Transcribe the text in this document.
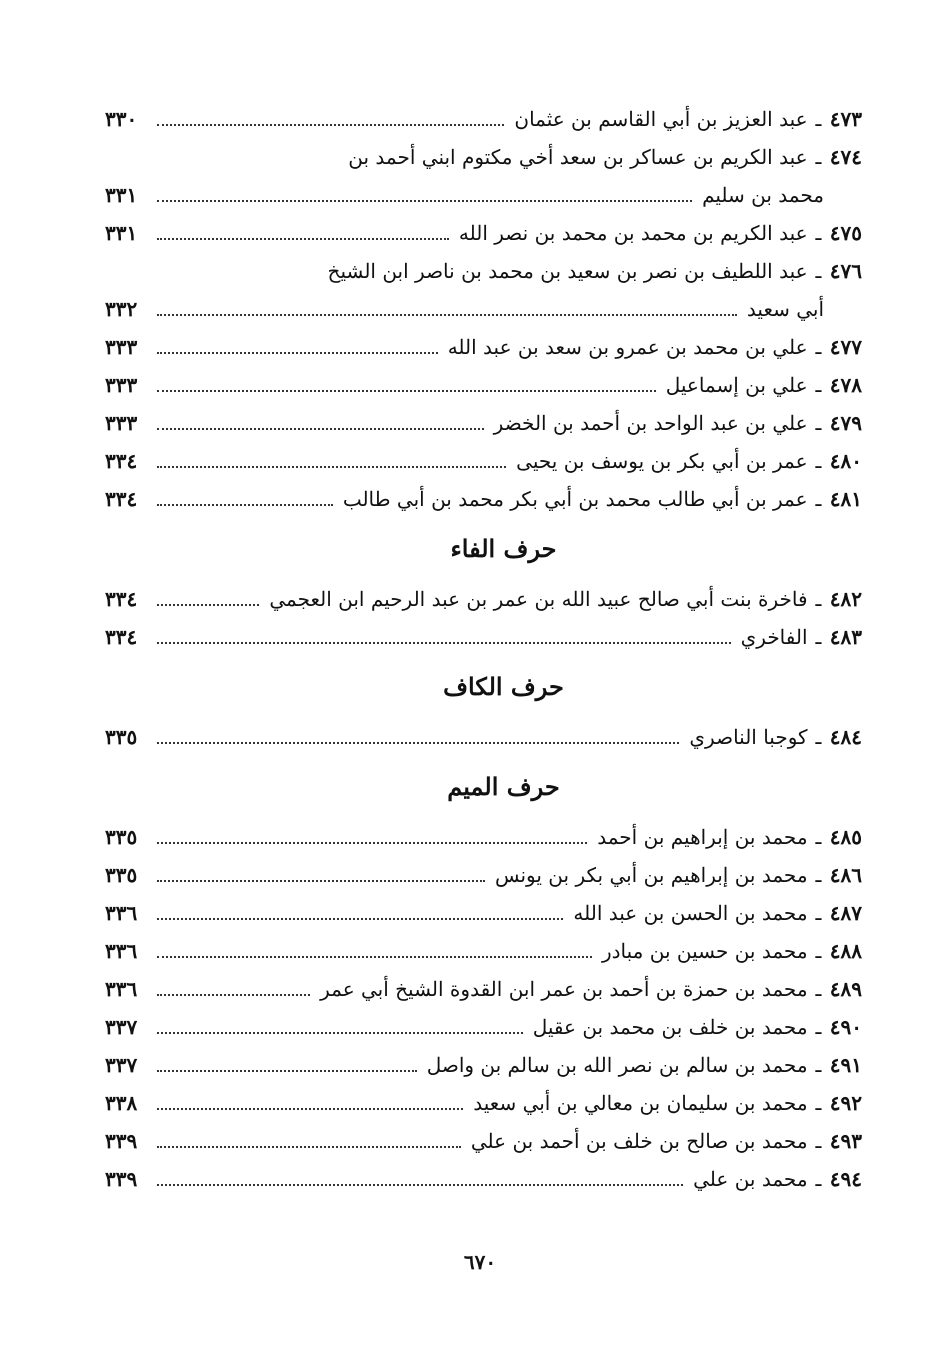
٤٧٣
ـ
عبد العزيز بن أبي القاسم بن عثمان
٣٣٠
٤٧٤
ـ
عبد الكريم بن عساكر بن سعد أخي مكتوم ابني أحمد بن
محمد بن سليم
٣٣١
٤٧٥
ـ
عبد الكريم بن محمد بن محمد بن نصر الله
٣٣١
٤٧٦
ـ
عبد اللطيف بن نصر بن سعيد بن محمد بن ناصر ابن الشيخ
أبي سعيد
٣٣٢
٤٧٧
ـ
علي بن محمد بن عمرو بن سعد بن عبد الله
٣٣٣
٤٧٨
ـ
علي بن إسماعيل
٣٣٣
٤٧٩
ـ
علي بن عبد الواحد بن أحمد بن الخضر
٣٣٣
٤٨٠
ـ
عمر بن أبي بكر بن يوسف بن يحيى
٣٣٤
٤٨١
ـ
عمر بن أبي طالب محمد بن أبي بكر محمد بن أبي طالب
٣٣٤
حرف الفاء
٤٨٢
ـ
فاخرة بنت أبي صالح عبيد الله بن عمر بن عبد الرحيم ابن العجمي
٣٣٤
٤٨٣
ـ
الفاخري
٣٣٤
حرف الكاف
٤٨٤
ـ
كوجبا الناصري
٣٣٥
حرف الميم
٤٨٥
ـ
محمد بن إبراهيم بن أحمد
٣٣٥
٤٨٦
ـ
محمد بن إبراهيم بن أبي بكر بن يونس
٣٣٥
٤٨٧
ـ
محمد بن الحسن بن عبد الله
٣٣٦
٤٨٨
ـ
محمد بن حسين بن مبادر
٣٣٦
٤٨٩
ـ
محمد بن حمزة بن أحمد بن عمر ابن القدوة الشيخ أبي عمر
٣٣٦
٤٩٠
ـ
محمد بن خلف بن محمد بن عقيل
٣٣٧
٤٩١
ـ
محمد بن سالم بن نصر الله بن سالم بن واصل
٣٣٧
٤٩٢
ـ
محمد بن سليمان بن معالي بن أبي سعيد
٣٣٨
٤٩٣
ـ
محمد بن صالح بن خلف بن أحمد بن علي
٣٣٩
٤٩٤
ـ
محمد بن علي
٣٣٩
٦٧٠
